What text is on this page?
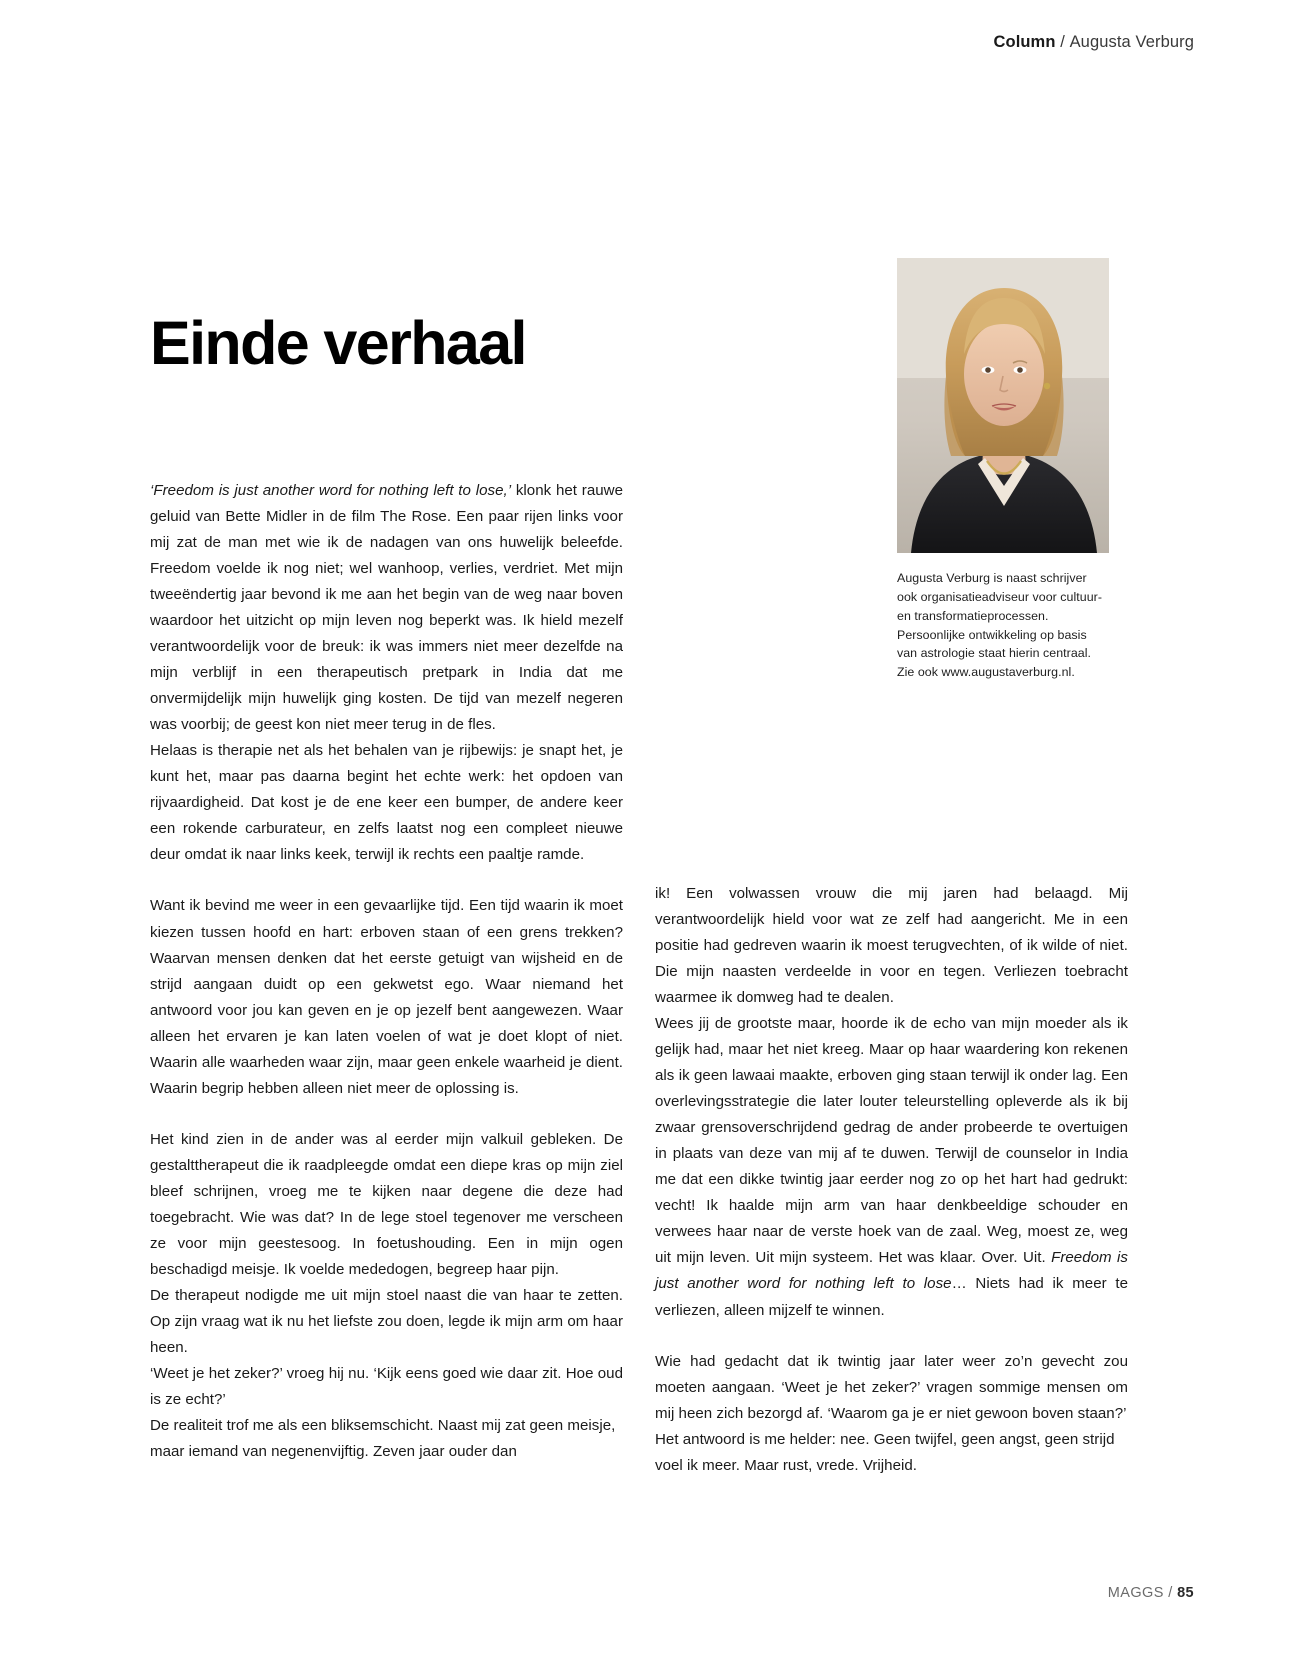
Column / Augusta Verburg
Einde verhaal
Augusta Verburg is naast schrijver ook organisatieadviseur voor cultuur- en transformatieprocessen. Persoonlijke ontwikkeling op basis van astrologie staat hierin centraal. Zie ook www.augustaverburg.nl.

‘Freedom is just another word for nothing left to lose,’ klonk het rauwe geluid van Bette Midler in de film The Rose. Een paar rijen links voor mij zat de man met wie ik de nadagen van ons huwelijk beleefde. Freedom voelde ik nog niet; wel wanhoop, verlies, verdriet. Met mijn tweeëndertig jaar bevond ik me aan het begin van de weg naar boven waardoor het uitzicht op mijn leven nog beperkt was. Ik hield mezelf verantwoordelijk voor de breuk: ik was immers niet meer dezelfde na mijn verblijf in een therapeutisch pretpark in India dat me onvermijdelijk mijn huwelijk ging kosten. De tijd van mezelf negeren was voorbij; de geest kon niet meer terug in de fles.

Helaas is therapie net als het behalen van je rijbewijs: je snapt het, je kunt het, maar pas daarna begint het echte werk: het opdoen van rijvaardigheid. Dat kost je de ene keer een bumper, de andere keer een rokende carburateur, en zelfs laatst nog een compleet nieuwe deur omdat ik naar links keek, terwijl ik rechts een paaltje ramde.

Want ik bevind me weer in een gevaarlijke tijd. Een tijd waarin ik moet kiezen tussen hoofd en hart: erboven staan of een grens trekken? Waarvan mensen denken dat het eerste getuigt van wijsheid en de strijd aangaan duidt op een gekwetst ego. Waar niemand het antwoord voor jou kan geven en je op jezelf bent aangewezen. Waar alleen het ervaren je kan laten voelen of wat je doet klopt of niet. Waarin alle waarheden waar zijn, maar geen enkele waarheid je dient. Waarin begrip hebben alleen niet meer de oplossing is.

Het kind zien in de ander was al eerder mijn valkuil gebleken. De gestalttherapeut die ik raadpleegde omdat een diepe kras op mijn ziel bleef schrijnen, vroeg me te kijken naar degene die deze had toegebracht. Wie was dat? In de lege stoel tegenover me verscheen ze voor mijn geestesoog. In foetushouding. Een in mijn ogen beschadigd meisje. Ik voelde mededogen, begreep haar pijn.

De therapeut nodigde me uit mijn stoel naast die van haar te zetten. Op zijn vraag wat ik nu het liefste zou doen, legde ik mijn arm om haar heen.

‘Weet je het zeker?’ vroeg hij nu. ‘Kijk eens goed wie daar zit. Hoe oud is ze echt?’

De realiteit trof me als een bliksemschicht. Naast mij zat geen meisje, maar iemand van negenenvijftig. Zeven jaar ouder dan

ik! Een volwassen vrouw die mij jaren had belaagd. Mij verantwoordelijk hield voor wat ze zelf had aangericht. Me in een positie had gedreven waarin ik moest terugvechten, of ik wilde of niet. Die mijn naasten verdeelde in voor en tegen. Verliezen toebracht waarmee ik domweg had te dealen.

Wees jij de grootste maar, hoorde ik de echo van mijn moeder als ik gelijk had, maar het niet kreeg. Maar op haar waardering kon rekenen als ik geen lawaai maakte, erboven ging staan terwijl ik onder lag. Een overlevingsstrategie die later louter teleurstelling opleverde als ik bij zwaar grensoverschrijdend gedrag de ander probeerde te overtuigen in plaats van deze van mij af te duwen. Terwijl de counselor in India me dat een dikke twintig jaar eerder nog zo op het hart had gedrukt: vecht! Ik haalde mijn arm van haar denkbeeldige schouder en verwees haar naar de verste hoek van de zaal. Weg, moest ze, weg uit mijn leven. Uit mijn systeem. Het was klaar. Over. Uit. Freedom is just another word for nothing left to lose… Niets had ik meer te verliezen, alleen mijzelf te winnen.

Wie had gedacht dat ik twintig jaar later weer zo’n gevecht zou moeten aangaan. ‘Weet je het zeker?’ vragen sommige mensen om mij heen zich bezorgd af. ‘Waarom ga je er niet gewoon boven staan?’

Het antwoord is me helder: nee. Geen twijfel, geen angst, geen strijd voel ik meer. Maar rust, vrede. Vrijheid.

MAGGS / 85
